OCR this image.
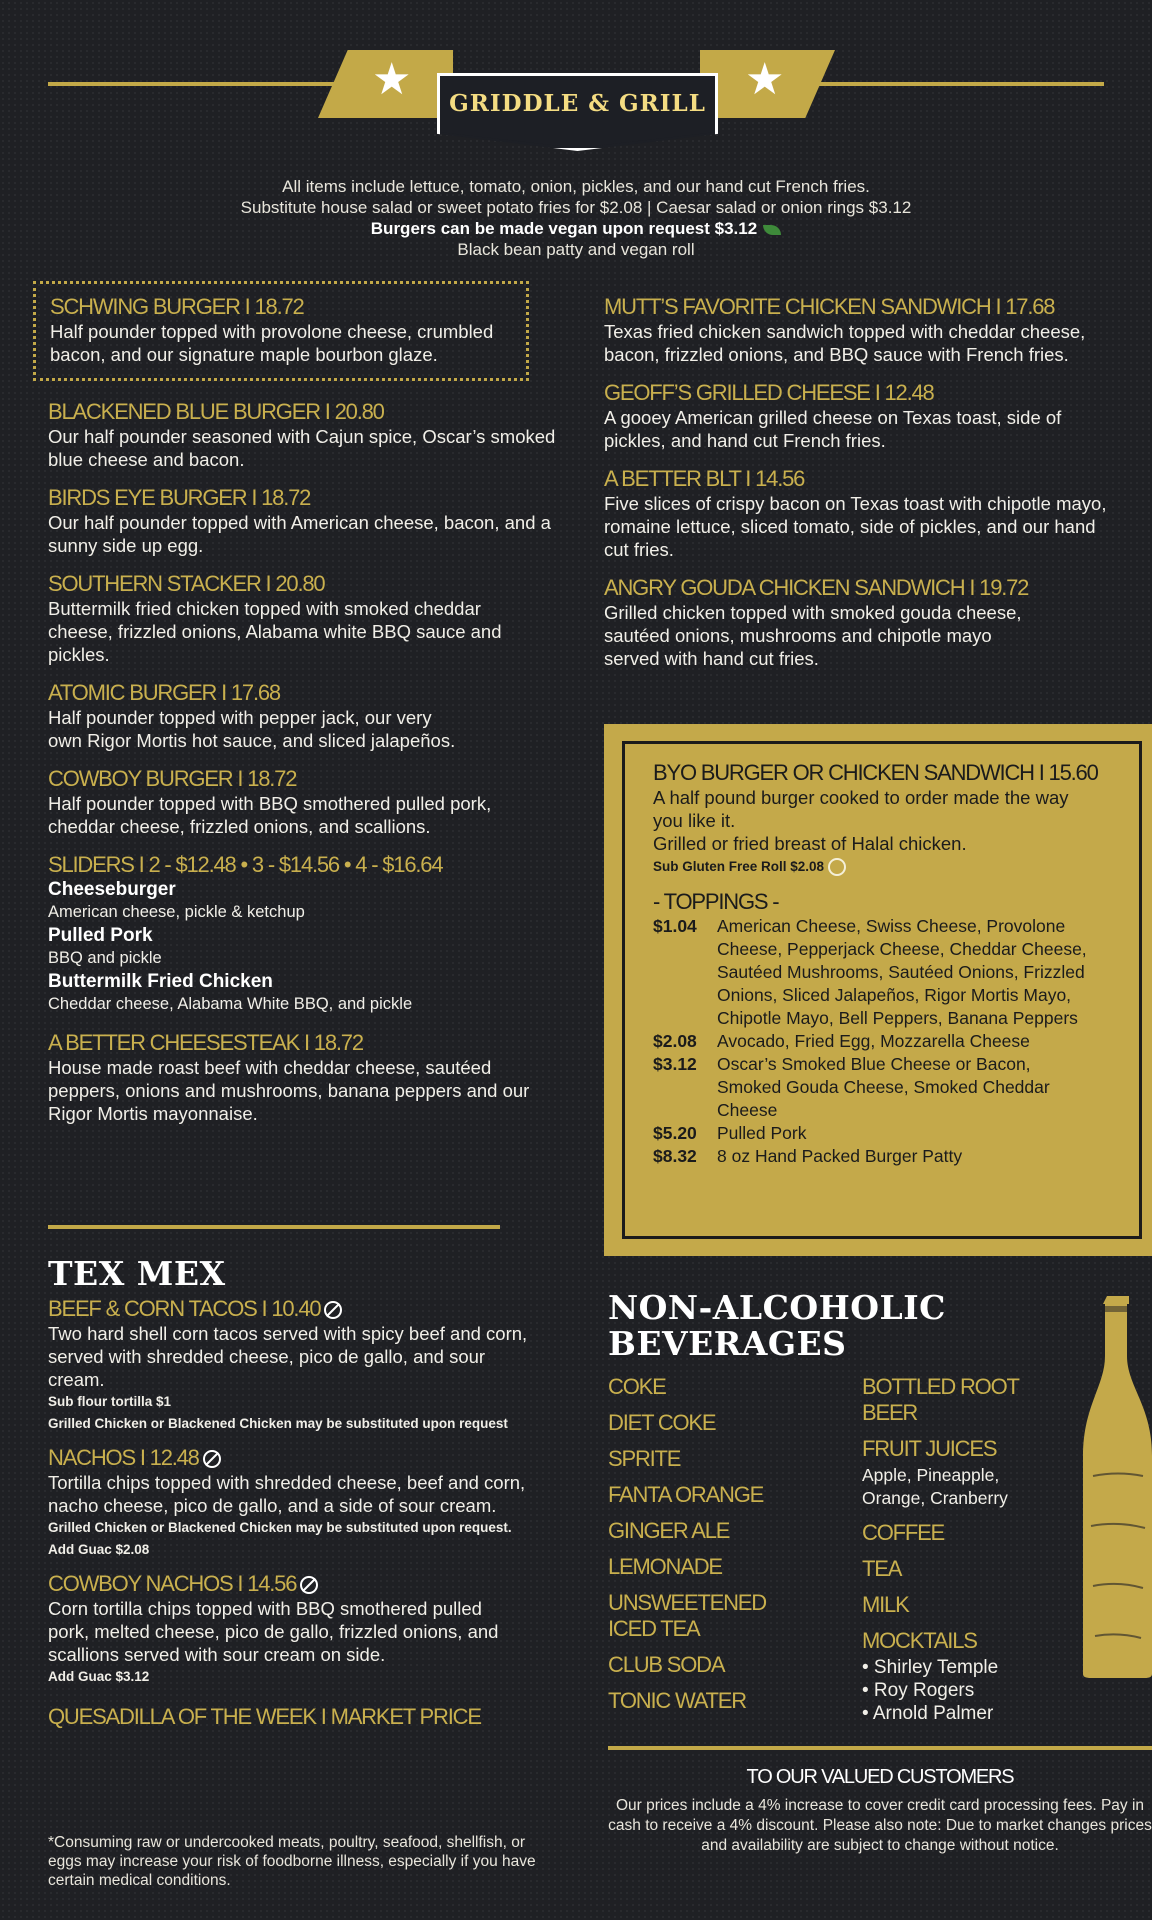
★	★
GRIDDLE & GRILL
All items include lettuce, tomato, onion, pickles, and our hand cut French fries.
Substitute house salad or sweet potato fries for $2.08 | Caesar salad or onion rings $3.12
Burgers can be made vegan upon request $3.12
Black bean patty and vegan roll
SCHWING BURGER I 18.72
Half pounder topped with provolone cheese, crumbled bacon, and our signature maple bourbon glaze.
BLACKENED BLUE BURGER I 20.80
Our half pounder seasoned with Cajun spice, Oscar’s smoked blue cheese and bacon.
BIRDS EYE BURGER I 18.72
Our half pounder topped with American cheese, bacon, and a sunny side up egg.
SOUTHERN STACKER I 20.80
Buttermilk fried chicken topped with smoked cheddar cheese, frizzled onions, Alabama white BBQ sauce and pickles.
ATOMIC BURGER I 17.68
Half pounder topped with pepper jack, our very own Rigor Mortis hot sauce, and sliced jalapeños.
COWBOY BURGER I 18.72
Half pounder topped with BBQ smothered pulled pork, cheddar cheese, frizzled onions, and scallions.
SLIDERS I 2 - $12.48 • 3 - $14.56 • 4 - $16.64
Cheeseburger
American cheese, pickle & ketchup
Pulled Pork
BBQ and pickle
Buttermilk Fried Chicken
Cheddar cheese, Alabama White BBQ, and pickle
A BETTER CHEESESTEAK I 18.72
House made roast beef with cheddar cheese, sautéed peppers, onions and mushrooms, banana peppers and our Rigor Mortis mayonnaise.
TEX MEX
BEEF & CORN TACOS I 10.40
Two hard shell corn tacos served with spicy beef and corn, served with shredded cheese, pico de gallo, and sour cream.
Sub flour tortilla $1
Grilled Chicken or Blackened Chicken may be substituted upon request
NACHOS I 12.48
Tortilla chips topped with shredded cheese, beef and corn, nacho cheese, pico de gallo, and a side of sour cream.
Grilled Chicken or Blackened Chicken may be substituted upon request. Add Guac $2.08
COWBOY NACHOS I 14.56
Corn tortilla chips topped with BBQ smothered pulled pork, melted cheese, pico de gallo, frizzled onions, and scallions served with sour cream on side.
Add Guac $3.12
QUESADILLA OF THE WEEK I MARKET PRICE
*Consuming raw or undercooked meats, poultry, seafood, shellfish, or eggs may increase your risk of foodborne illness, especially if you have certain medical conditions.
MUTT’S FAVORITE CHICKEN SANDWICH I 17.68
Texas fried chicken sandwich topped with cheddar cheese, bacon, frizzled onions, and BBQ sauce with French fries.
GEOFF’S GRILLED CHEESE I 12.48
A gooey American grilled cheese on Texas toast, side of pickles, and hand cut French fries.
A BETTER BLT I 14.56
Five slices of crispy bacon on Texas toast with chipotle mayo, romaine lettuce, sliced tomato, side of pickles, and our hand cut fries.
ANGRY GOUDA CHICKEN SANDWICH I 19.72
Grilled chicken topped with smoked gouda cheese, sautéed onions, mushrooms and chipotle mayo served with hand cut fries.
BYO BURGER OR CHICKEN SANDWICH I 15.60
A half pound burger cooked to order made the way you like it.
Grilled or fried breast of Halal chicken.
Sub Gluten Free Roll $2.08
- TOPPINGS -
$1.04	American Cheese, Swiss Cheese, Provolone Cheese, Pepperjack Cheese, Cheddar Cheese, Sautéed Mushrooms, Sautéed Onions, Frizzled Onions, Sliced Jalapeños, Rigor Mortis Mayo, Chipotle Mayo, Bell Peppers, Banana Peppers
$2.08	Avocado, Fried Egg, Mozzarella Cheese
$3.12	Oscar’s Smoked Blue Cheese or Bacon, Smoked Gouda Cheese, Smoked Cheddar Cheese
$5.20	Pulled Pork
$8.32	8 oz Hand Packed Burger Patty
NON-ALCOHOLIC
BEVERAGES
COKE
DIET COKE
SPRITE
FANTA ORANGE
GINGER ALE
LEMONADE
UNSWEETENED ICED TEA
CLUB SODA
TONIC WATER
BOTTLED ROOT BEER
FRUIT JUICES
Apple, Pineapple, Orange, Cranberry
COFFEE
TEA
MILK
MOCKTAILS
• Shirley Temple
• Roy Rogers
• Arnold Palmer
TO OUR VALUED CUSTOMERS
Our prices include a 4% increase to cover credit card processing fees. Pay in cash to receive a 4% discount. Please also note: Due to market changes prices and availability are subject to change without notice.
